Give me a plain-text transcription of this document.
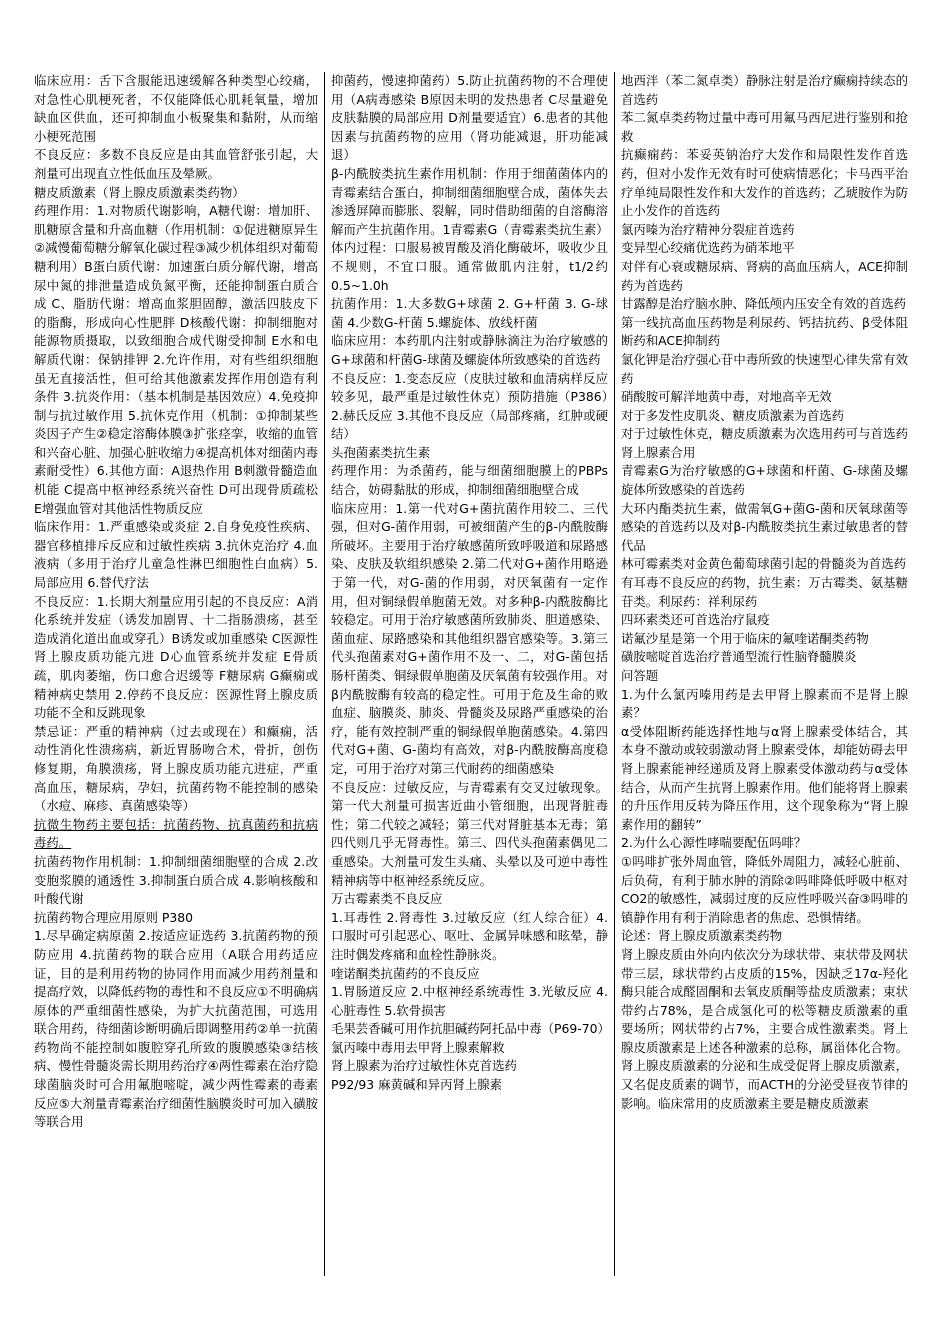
临床应用：舌下含服能迅速缓解各种类型心绞痛，对急性心肌梗死者，不仅能降低心肌耗氧量，增加缺血区供血，还可抑制血小板聚集和黏附，从而缩小梗死范围

不良反应：多数不良反应是由其血管舒张引起，大剂量可出现直立性低血压及晕厥。

糖皮质激素（肾上腺皮质激素类药物）

药理作用：1.对物质代谢影响，A糖代谢：增加肝、肌糖原含量和升高血糖（作用机制：①促进糖原异生②减慢葡萄糖分解氧化碳过程③减少机体组织对葡萄糖利用）B蛋白质代谢：加速蛋白质分解代谢，增高尿中氮的排泄量造成负氮平衡，还能抑制蛋白质合成 C、脂肪代谢：增高血浆胆固醇，激活四肢皮下的脂酶，形成向心性肥胖 D核酸代谢：抑制细胞对能源物质摄取，以致细胞合成代谢受抑制 E水和电解质代谢：保钠排钾 2.允许作用，对有些组织细胞虽无直接活性，但可给其他激素发挥作用创造有利条件 3.抗炎作用：（基本机制是基因效应）4.免疫抑制与抗过敏作用 5.抗休克作用（机制：①抑制某些炎因子产生②稳定溶酶体膜③扩张痉挛，收缩的血管和兴奋心脏、加强心脏收缩力④提高机体对细菌内毒素耐受性）6.其他方面：A退热作用 B刺激骨髓造血机能 C提高中枢神经系统兴奋性 D可出现骨质疏松 E增强血管对其他活性物质反应

临床作用：1.严重感染或炎症 2.自身免疫性疾病、器官移植排斥反应和过敏性疾病 3.抗休克治疗 4.血液病（多用于治疗儿童急性淋巴细胞性白血病）5.局部应用 6.替代疗法

不良反应：1.长期大剂量应用引起的不良反应：A消化系统并发症（诱发加剧胃、十二指肠溃疡，甚至造成消化道出血或穿孔）B诱发或加重感染 C医源性肾上腺皮质功能亢进 D心血管系统并发症 E骨质疏，肌肉萎缩，伤口愈合迟缓等 F糖尿病 G癫痫或精神病史禁用 2.停药不良反应：医源性肾上腺皮质功能不全和反跳现象

禁忌证：严重的精神病（过去或现在）和癫痫，活动性消化性溃疡病，新近胃肠吻合术，骨折，创伤修复期，角膜溃疡，肾上腺皮质功能亢进症，严重高血压，糖尿病，孕妇，抗菌药物不能控制的感染（水痘、麻疹、真菌感染等）

抗微生物药主要包括：抗菌药物、抗真菌药和抗病毒药。

抗菌药物作用机制：1.抑制细菌细胞壁的合成 2.改变胞浆膜的通透性 3.抑制蛋白质合成 4.影响核酸和叶酸代谢

抗菌药物合理应用原则 P380

1.尽早确定病原菌 2.按适应证选药 3.抗菌药物的预防应用 4.抗菌药物的联合应用（A联合用药适应证，目的是利用药物的协同作用而减少用药剂量和提高疗效，以降低药物的毒性和不良反应①不明确病原体的严重细菌性感染，为扩大抗菌范围，可选用联合用药，待细菌诊断明确后即调整用药②单一抗菌药物尚不能控制如腹腔穿孔所致的腹膜感染③结核病、慢性骨髓炎需长期用药治疗④两性霉素在治疗隐球菌脑炎时可合用氟胞嘧啶，减少两性霉素的毒素反应⑤大剂量青霉素治疗细菌性脑膜炎时可加入磺胺等联合用

抑菌药，慢速抑菌药）5.防止抗菌药物的不合理使用（A病毒感染 B原因未明的发热患者 C尽量避免皮肤黏膜的局部应用 D剂量要适宜）6.患者的其他因素与抗菌药物的应用（肾功能减退，肝功能减退）

β-内酰胺类抗生素作用机制：作用于细菌菌体内的青霉素结合蛋白，抑制细菌细胞壁合成，菌体失去渗透屏障而膨胀、裂解，同时借助细菌的自溶酶溶解而产生抗菌作用。1青霉素G（青霉素类抗生素）

体内过程：口服易被胃酸及消化酶破坏，吸收少且不规则，不宜口服。通常做肌内注射，t1/2约0.5~1.0h

抗菌作用：1.大多数G+球菌 2. G+杆菌 3. G-球菌 4.少数G-杆菌 5.螺旋体、放线杆菌

临床应用：本药肌内注射或静脉滴注为治疗敏感的G+球菌和杆菌G-球菌及螺旋体所致感染的首选药

不良反应：1.变态反应（皮肤过敏和血清病样反应较多见，最严重是过敏性休克）预防措施（P386）2.赫氏反应 3.其他不良反应（局部疼痛，红肿或硬结）

头孢菌素类抗生素

药理作用：为杀菌药，能与细菌细胞膜上的PBPs结合，妨碍黏肽的形成，抑制细菌细胞壁合成

临床应用：1.第一代对G+菌抗菌作用较二、三代强，但对G-菌作用弱，可被细菌产生的β-内酰胺酶所破坏。主要用于治疗敏感菌所致呼吸道和尿路感染、皮肤及软组织感染 2.第二代对G+菌作用略逊于第一代，对G-菌的作用弱，对厌氧菌有一定作用，但对铜绿假单胞菌无效。对多种β-内酰胺酶比较稳定。可用于治疗敏感菌所致肺炎、胆道感染、菌血症、尿路感染和其他组织器官感染等。3.第三代头孢菌素对G+菌作用不及一、二，对G-菌包括肠杆菌类、铜绿假单胞菌及厌氧菌有较强作用。对β内酰胺酶有较高的稳定性。可用于危及生命的败血症、脑膜炎、肺炎、骨髓炎及尿路严重感染的治疗，能有效控制严重的铜绿假单胞菌感染。4.第四代对G+菌、G-菌均有高效，对β-内酰胺酶高度稳定，可用于治疗对第三代耐药的细菌感染

不良反应：过敏反应，与青霉素有交叉过敏现象。第一代大剂量可损害近曲小管细胞，出现肾脏毒性；第二代较之减轻；第三代对肾脏基本无毒；第四代则几乎无肾毒性。第三、四代头孢菌素偶见二重感染。大剂量可发生头痛、头晕以及可逆中毒性精神病等中枢神经系统反应。

万古霉素类不良反应

1.耳毒性 2.肾毒性 3.过敏反应（红人综合征）4.口服时可引起恶心、呕吐、金属异味感和眩晕，静注时偶发疼痛和血栓性静脉炎。

喹诺酮类抗菌药的不良反应

1.胃肠道反应 2.中枢神经系统毒性 3.光敏反应 4.心脏毒性 5.软骨损害

毛果芸香碱可用作抗胆碱药阿托品中毒（P69-70）

氯丙嗪中毒用去甲肾上腺素解救

肾上腺素为治疗过敏性休克首选药

P92/93 麻黄碱和异丙肾上腺素

地西泮（苯二氮卓类）静脉注射是治疗癫痫持续态的首选药

苯二氮卓类药物过量中毒可用氟马西尼进行鉴别和抢救

抗癫痫药：苯妥英钠治疗大发作和局限性发作首选药，但对小发作无效有时可使病情恶化；卡马西平治疗单纯局限性发作和大发作的首选药；乙琥胺作为防止小发作的首选药

氯丙嗪为治疗精神分裂症首选药

变异型心绞痛优选药为硝苯地平

对伴有心衰或糖尿病、肾病的高血压病人，ACE抑制药为首选药

甘露醇是治疗脑水肿、降低颅内压安全有效的首选药

第一线抗高血压药物是利尿药、钙拮抗药、β受体阻断药和ACE抑制药

氯化钾是治疗强心苷中毒所致的快速型心律失常有效药

硝酸胺可解洋地黄中毒，对地高辛无效

对于多发性皮肌炎、糖皮质激素为首选药

对于过敏性休克，糖皮质激素为次选用药可与首选药肾上腺素合用

青霉素G为治疗敏感的G+球菌和杆菌、G-球菌及螺旋体所致感染的首选药

大环内酯类抗生素，做需氧G+菌G-菌和厌氧球菌等感染的首选药以及对β-内酰胺类抗生素过敏患者的替代品

林可霉素类对金黄色葡萄球菌引起的骨髓炎为首选药

有耳毒不良反应的药物，抗生素：万古霉类、氨基糖苷类。利尿药：祥利尿药

四环素类还可首选治疗鼠疫

诺氟沙星是第一个用于临床的氟喹诺酮类药物

磺胺嘧啶首选治疗普通型流行性脑脊髓膜炎

问答题

1.为什么氯丙嗪用药是去甲肾上腺素而不是肾上腺素？

α受体阻断药能选择性地与α肾上腺素受体结合，其本身不激动或较弱激动肾上腺素受体，却能妨碍去甲肾上腺素能神经递质及肾上腺素受体激动药与α受体结合，从而产生抗肾上腺素作用。他们能将肾上腺素的升压作用反转为降压作用，这个现象称为“肾上腺素作用的翻转”

2.为什么心源性哮喘要配伍吗啡？

①吗啡扩张外周血管，降低外周阻力，减轻心脏前、后负荷，有利于肺水肿的消除②吗啡降低呼吸中枢对CO2的敏感性，减弱过度的反应性呼吸兴奋③吗啡的镇静作用有利于消除患者的焦虑、恐惧情绪。

论述：肾上腺皮质激素类药物

肾上腺皮质由外向内依次分为球状带、束状带及网状带三层，球状带约占皮质的15%，因缺乏17α-羟化酶只能合成醛固酮和去氧皮质酮等盐皮质激素；束状带约占78%，是合成氢化可的松等糖皮质激素的重要场所；网状带约占7%，主要合成性激素类。肾上腺皮质激素是上述各种激素的总称，属甾体化合物。肾上腺皮质激素的分泌和生成受促肾上腺皮质激素，又名促皮质素的调节，而ACTH的分泌受昼夜节律的影响。临床常用的皮质激素主要是糖皮质激素
